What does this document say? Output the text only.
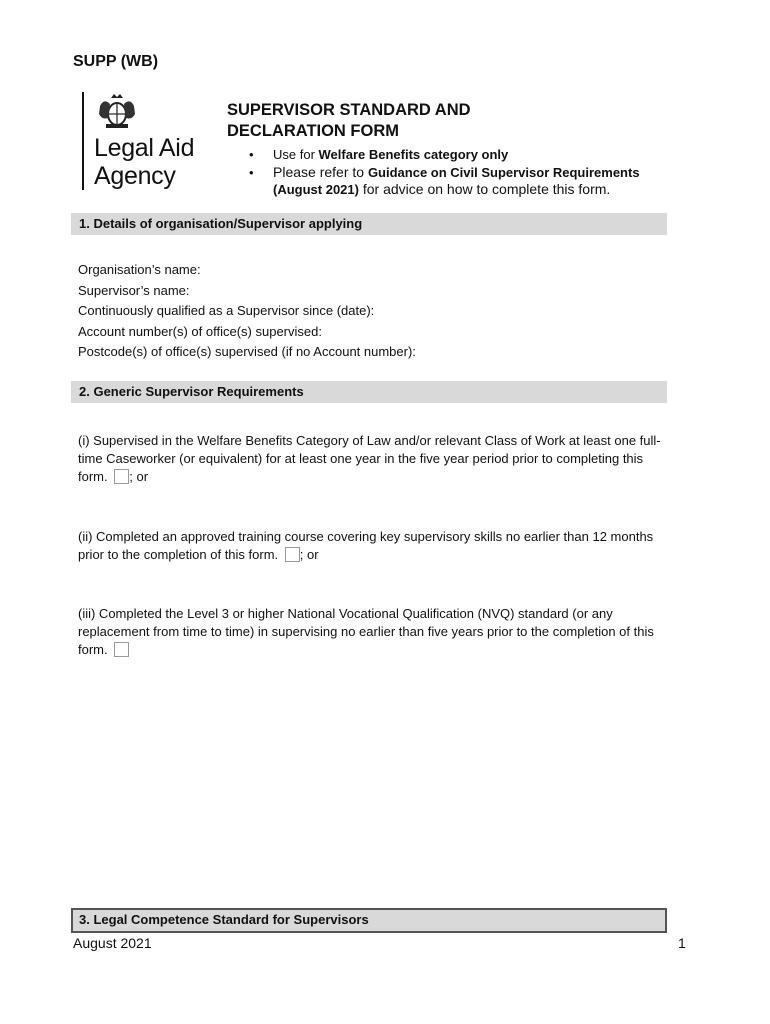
SUPP (WB)
Legal Aid
Agency
SUPERVISOR STANDARD AND DECLARATION FORM
• Use for Welfare Benefits category only
• Please refer to Guidance on Civil Supervisor Requirements (August 2021) for advice on how to complete this form.
1. Details of organisation/Supervisor applying
Organisation’s name:
Supervisor’s name:
Continuously qualified as a Supervisor since (date):
Account number(s) of office(s) supervised:
Postcode(s) of office(s) supervised (if no Account number):
2. Generic Supervisor Requirements
(i) Supervised in the Welfare Benefits Category of Law and/or relevant Class of Work at least one full-time Caseworker (or equivalent) for at least one year in the five year period prior to completing this form. ; or
(ii) Completed an approved training course covering key supervisory skills no earlier than 12 months prior to the completion of this form. ; or
(iii) Completed the Level 3 or higher National Vocational Qualification (NVQ) standard (or any replacement from time to time) in supervising no earlier than five years prior to the completion of this form.
3. Legal Competence Standard for Supervisors
August 2021	1
